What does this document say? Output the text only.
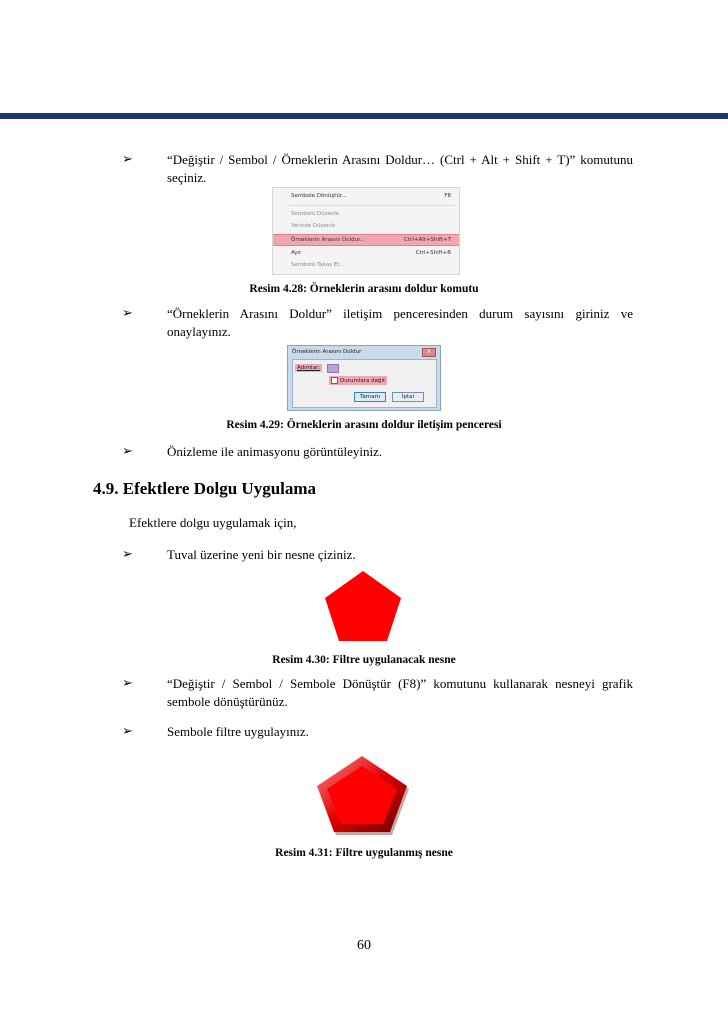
➢	“Değiştir / Sembol / Örneklerin Arasını Doldur… (Ctrl + Alt + Shift + T)” komutunu seçiniz.
Sembole Dönüştür...	F8
Sembolü Düzenle
Yerinde Düzenle
Örneklerin Arasını Doldur...	Ctrl+Alt+Shift+T
Ayır	Ctrl+Shift+B
Sembolü Takas Et...
Resim 4.28: Örneklerin arasını doldur komutu
➢	“Örneklerin Arasını Doldur” iletişim penceresinden durum sayısını giriniz ve onaylayınız.
Örneklerin Arasını Doldur	X
Adımlar:
Durumlara dağıt
Tamam	İptal
Resim 4.29: Örneklerin arasını doldur iletişim penceresi
➢	Önizleme ile animasyonu görüntüleyiniz.
4.9. Efektlere Dolgu Uygulama
Efektlere dolgu uygulamak için,
➢	Tuval üzerine yeni bir nesne çiziniz.
Resim 4.30: Filtre uygulanacak nesne
➢	“Değiştir / Sembol / Sembole Dönüştür (F8)” komutunu kullanarak nesneyi grafik sembole dönüştürünüz.
➢	Sembole filtre uygulayınız.
Resim 4.31: Filtre uygulanmış nesne
60
